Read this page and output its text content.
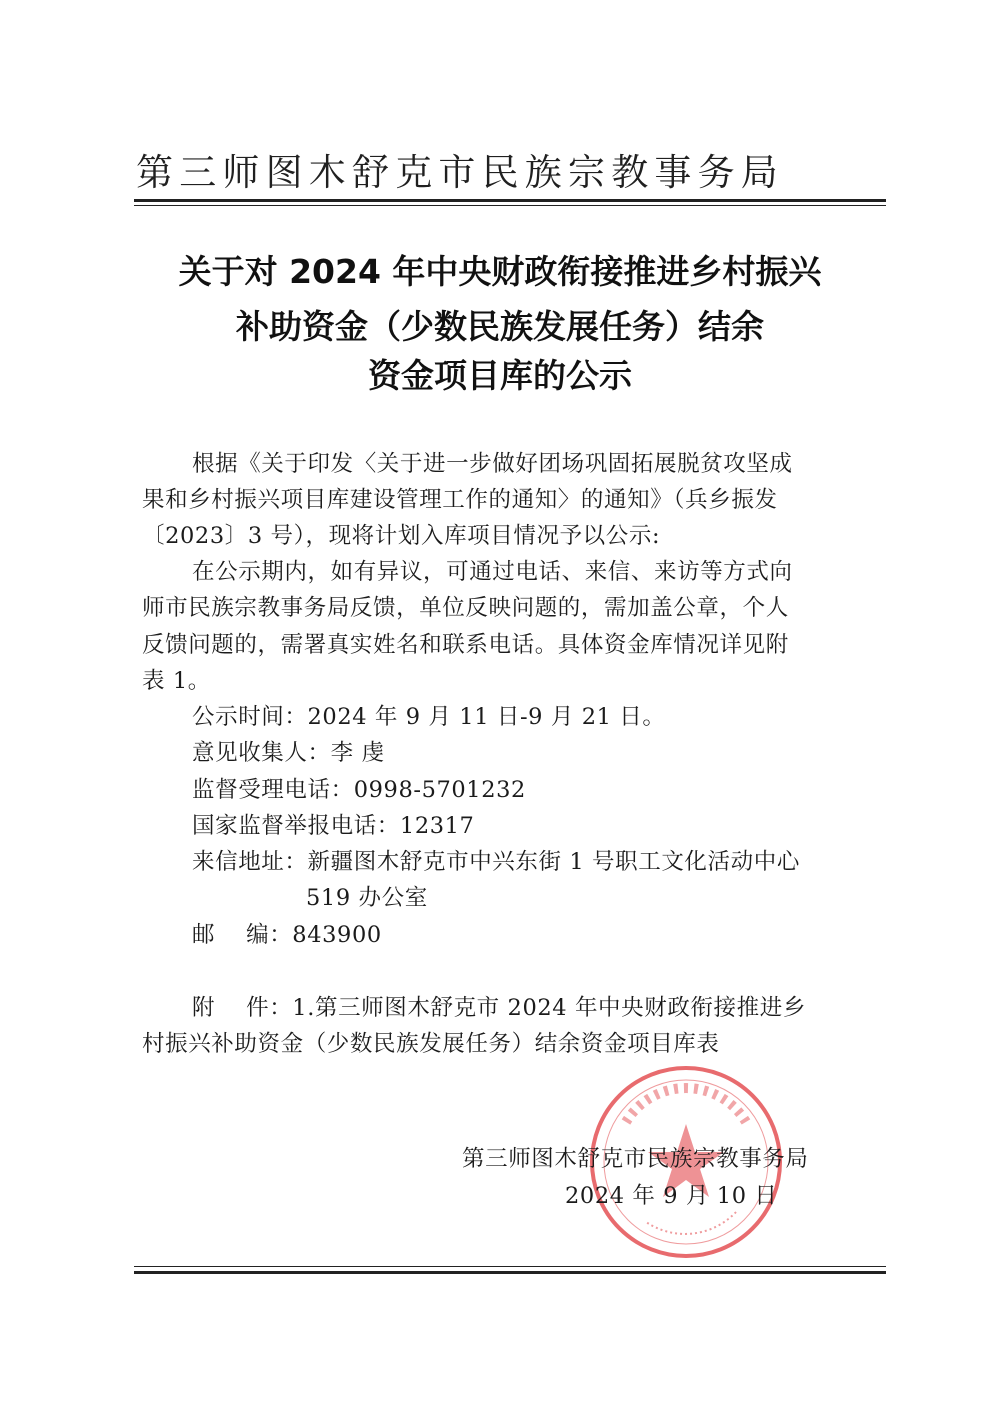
第三师图木舒克市民族宗教事务局
关于对 2024 年中央财政衔接推进乡村振兴
补助资金（少数民族发展任务）结余
资金项目库的公示
根据《关于印发〈关于进一步做好团场巩固拓展脱贫攻坚成
果和乡村振兴项目库建设管理工作的通知〉的通知》（兵乡振发
〔2023〕3 号），现将计划入库项目情况予以公示:
在公示期内，如有异议，可通过电话、来信、来访等方式向
师市民族宗教事务局反馈，单位反映问题的，需加盖公章，个人
反馈问题的，需署真实姓名和联系电话。具体资金库情况详见附
表 1。
公示时间：2024 年 9 月 11 日-9 月 21 日。
意见收集人：李 虔
监督受理电话：0998-5701232
国家监督举报电话：12317
来信地址：新疆图木舒克市中兴东街 1 号职工文化活动中心
519 办公室
邮    编：843900
附    件：1.第三师图木舒克市 2024 年中央财政衔接推进乡
村振兴补助资金（少数民族发展任务）结余资金项目库表
第三师图木舒克市民族宗教事务局
2024 年 9 月 10 日
